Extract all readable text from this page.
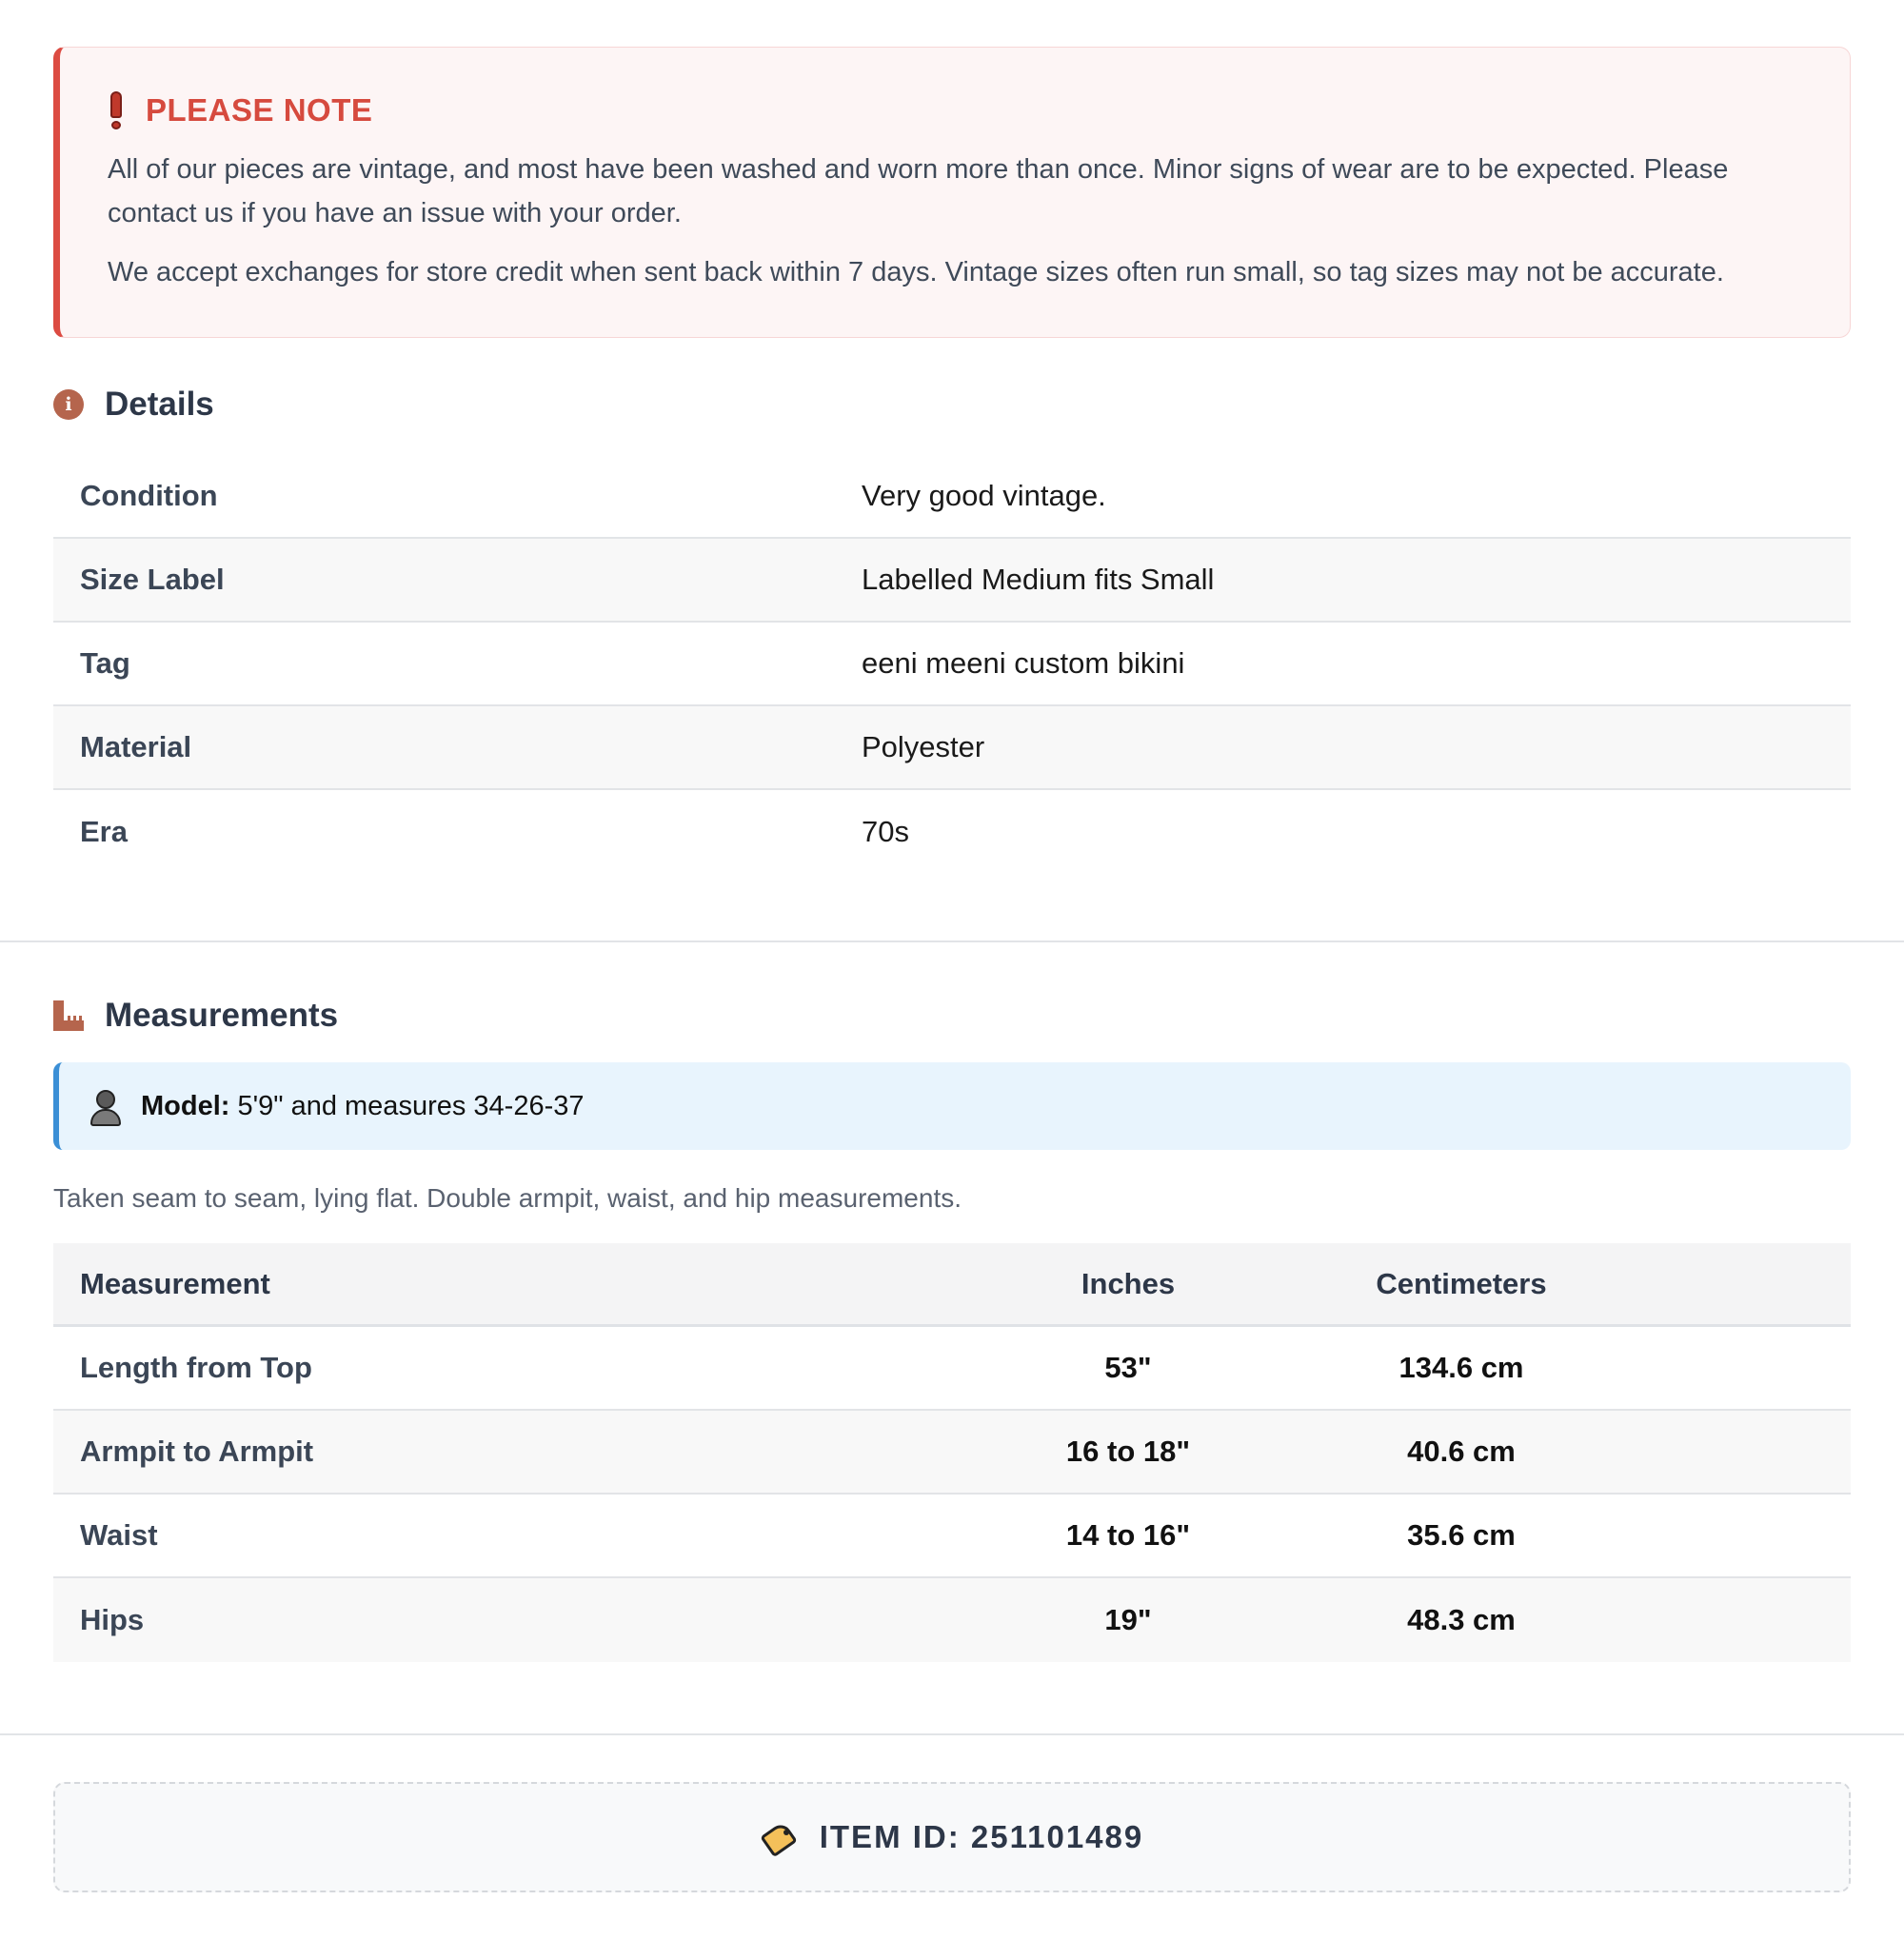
PLEASE NOTE

All of our pieces are vintage, and most have been washed and worn more than once. Minor signs of wear are to be expected. Please contact us if you have an issue with your order.

We accept exchanges for store credit when sent back within 7 days. Vintage sizes often run small, so tag sizes may not be accurate.

i Details
Condition	Very good vintage.
Size Label	Labelled Medium fits Small
Tag	eeni meeni custom bikini
Material	Polyester
Era	70s
Measurements
Model: 5'9" and measures 34-26-37
Taken seam to seam, lying flat. Double armpit, waist, and hip measurements.
Measurement	Inches	Centimeters
Length from Top	53"	134.6 cm
Armpit to Armpit	16 to 18"	40.6 cm
Waist	14 to 16"	35.6 cm
Hips	19"	48.3 cm
ITEM ID: 251101489
